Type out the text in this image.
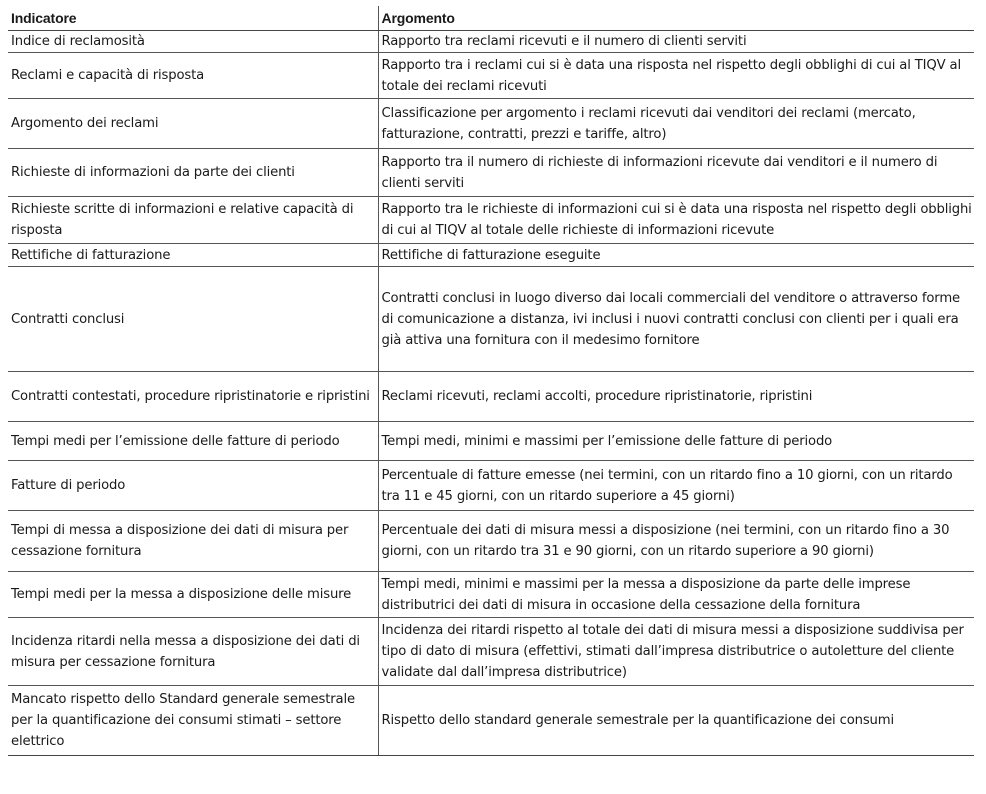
Indicatore	Argomento
Indice di reclamosità	Rapporto tra reclami ricevuti e il numero di clienti serviti
Reclami e capacità di risposta	Rapporto tra i reclami cui si è data una risposta nel rispetto degli obblighi di cui al TIQV al totale dei reclami ricevuti
Argomento dei reclami	Classificazione per argomento i reclami ricevuti dai venditori dei reclami (mercato, fatturazione, contratti, prezzi e tariffe, altro)
Richieste di informazioni da parte dei clienti	Rapporto tra il numero di richieste di informazioni ricevute dai venditori e il numero di clienti serviti
Richieste scritte di informazioni e relative capacità di risposta	Rapporto tra le richieste di informazioni cui si è data una risposta nel rispetto degli obblighi di cui al TIQV al totale delle richieste di informazioni ricevute
Rettifiche di fatturazione	Rettifiche di fatturazione eseguite
Contratti conclusi	Contratti conclusi in luogo diverso dai locali commerciali del venditore o attraverso forme di comunicazione a distanza, ivi inclusi i nuovi contratti conclusi con clienti per i quali era già attiva una fornitura con il medesimo fornitore
Contratti contestati, procedure ripristinatorie e ripristini	Reclami ricevuti, reclami accolti, procedure ripristinatorie, ripristini
Tempi medi per l’emissione delle fatture di periodo	Tempi medi, minimi e massimi per l’emissione delle fatture di periodo
Fatture di periodo	Percentuale di fatture emesse (nei termini, con un ritardo fino a 10 giorni, con un ritardo tra 11 e 45 giorni, con un ritardo superiore a 45 giorni)
Tempi di messa a disposizione dei dati di misura per cessazione fornitura	Percentuale dei dati di misura messi a disposizione (nei termini, con un ritardo fino a 30 giorni, con un ritardo tra 31 e 90 giorni, con un ritardo superiore a 90 giorni)
Tempi medi per la messa a disposizione delle misure	Tempi medi, minimi e massimi per la messa a disposizione da parte delle imprese distributrici dei dati di misura in occasione della cessazione della fornitura
Incidenza ritardi nella messa a disposizione dei dati di misura per cessazione fornitura	Incidenza dei ritardi rispetto al totale dei dati di misura messi a disposizione suddivisa per tipo di dato di misura (effettivi, stimati dall’impresa distributrice o autoletture del cliente validate dal dall’impresa distributrice)
Mancato rispetto dello Standard generale semestrale per la quantificazione dei consumi stimati – settore elettrico	Rispetto dello standard generale semestrale per la quantificazione dei consumi
